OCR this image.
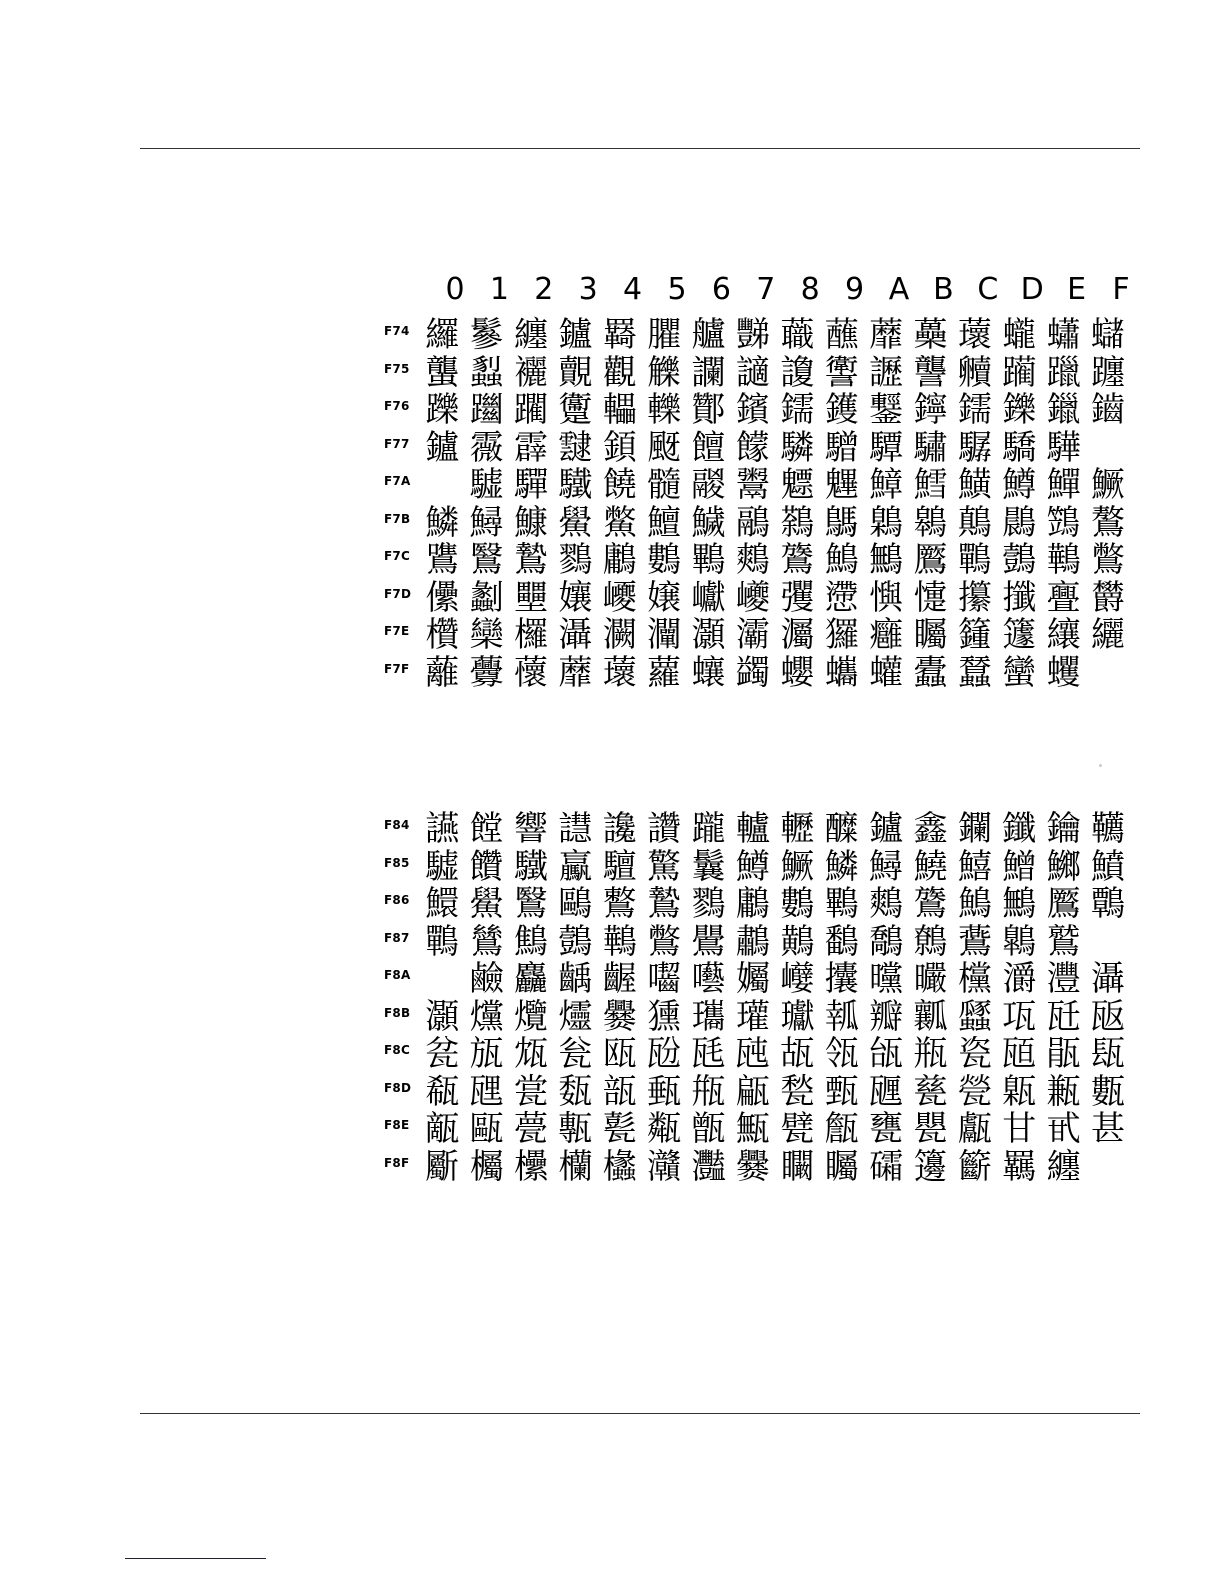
0 1 2 3 4 5 6 7 8 9 A B C D E F
F74 纙 鬖 纏 鑪 羇 臞 艫 豒 蘵 蘸 蘼 蘽 蘾 蠬 蠨 蠩
F75 蠪 蠫 襹 覿 觀 觻 讕 讁 讂 讆 讈 讋 贕 躏 躐 躔
F76 躒 躖 躙 躛 轠 轢 酇 鑌 鑐 鑊 鑋 鑏 鑐 鑠 鑞 鑡
F77 鑪 霺 霹 靆 顉 颬 饘 饛 驎 驓 驔 驌 驏 驕 驊
F7A 驉 驒 驖 饒 髓 鬷 鬻 魒 魓 鱆 鱈 鱑 鱒 鱓 鱖
F7B 鱗 鱘 鱇 鱟 鱉 鱣 鱥 鷊 鷋 鷌 鷍 鷎 鷏 鷐 鷑 鷔
F7C 鷕 鷖 鷙 鷚 鷛 鷜 鷝 鷞 鷟 鷠 鷡 鷢 鷤 鷧 鷨 鷩
F7D 儽 劙 壨 孃 巎 嬢 巘 巙 彏 懘 懙 懥 攥 攕 亹 欝
F7E 欑 欒 欏 灄 灍 灛 灝 灞 灟 玀 癰 矚 籦 籧 纕 纚
F7F 蘺 虋 蘹 蘼 蘾 蘿 蠰 蠲 蠳 蠵 蠸 蠹 蠺 蠻 蠼
F84 讌 饄 響 譿 讒 讚 躘 轤 轣 醾 鑪 鑫 鑭 鑯 鑰 韉
F85 驉 饡 驖 驘 驙 驚 鬤 鱒 鱖 鱗 鱘 鱙 鱚 鱛 鱜 鱝
F86 鱞 鱟 鷖 鷗 鷘 鷙 鷚 鷛 鷜 鷝 鷞 鷟 鷠 鷡 鷢 鷣
F87 鷤 鷥 鷦 鷧 鷨 鷩 鷪 鷫 鷬 鷭 鷮 鷯 鷰 鷱 鷲
F8A 鹼 麤 齲 齷 囓 囈 孎 巕 攮 曭 曮 欓 灂 灃 灄
F8B 灝 爣 爦 爧 爨 獯 瓗 瓘 瓛 瓡 瓣 瓤 瓥 瓨 瓩 瓪
F8C 瓫 瓬 瓭 瓮 瓯 瓰 瓱 瓲 瓳 瓴 瓵 瓶 瓷 瓸 瓹 瓺
F8D 瓻 瓼 瓽 瓾 瓿 甀 甁 甂 甃 甄 甅 甆 甇 甈 甉 甊
F8E 甋 甌 甍 甎 甏 甐 甑 甒 甓 甔 甕 甖 甗 甘 甙 甚
F8F 斸 欘 欙 欗 欚 灨 灩 爨 矙 矚 礵 籩 籪 羈 纏
